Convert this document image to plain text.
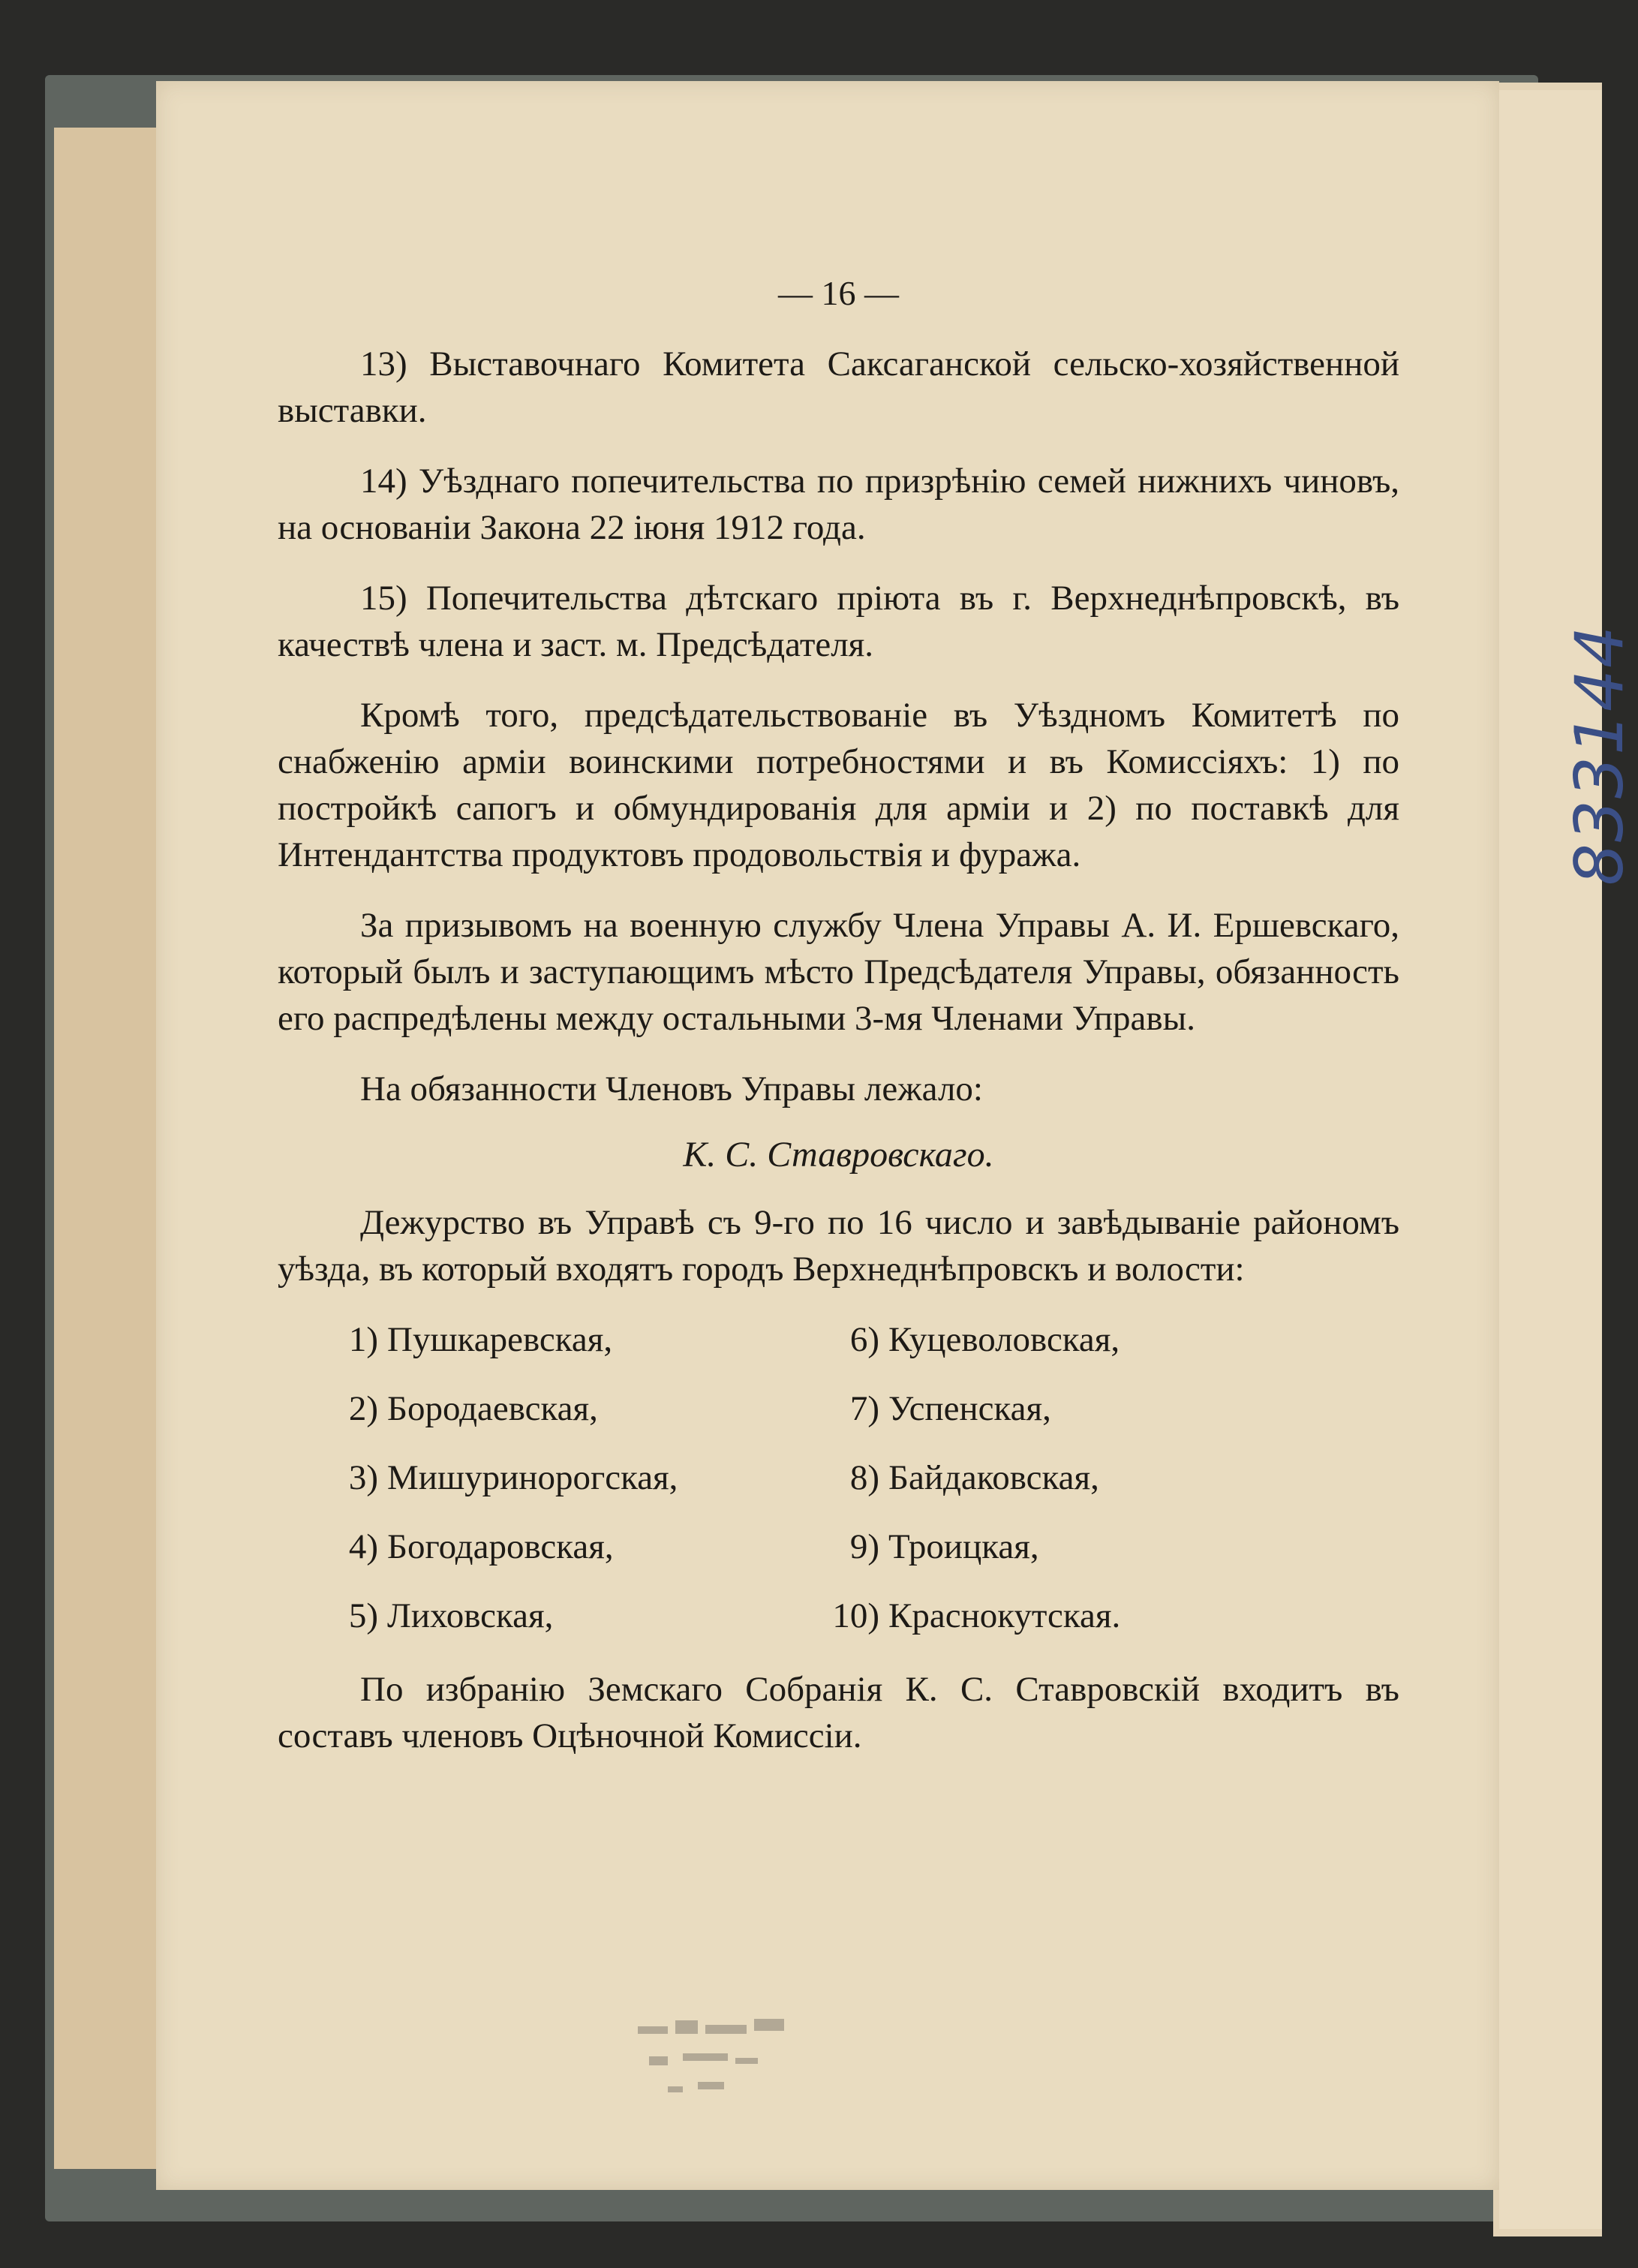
— 16 —

13) Выставочнаго Комитета Саксаганской сельско-хозяйственной выставки.

14) Уѣзднаго попечительства по призрѣнію семей нижнихъ чиновъ, на основаніи Закона 22 іюня 1912 года.

15) Попечительства дѣтскаго пріюта въ г. Верхнеднѣпровскѣ, въ качествѣ члена и заст. м. Предсѣдателя.

Кромѣ того, предсѣдательствованіе въ Уѣздномъ Комитетѣ по снабженію арміи воинскими потребностями и въ Комиссіяхъ: 1) по постройкѣ сапогъ и обмундированія для арміи и 2) по поставкѣ для Интендантства продуктовъ продовольствія и фуража.

За призывомъ на военную службу Члена Управы А. И. Ершевскаго, который былъ и заступающимъ мѣсто Предсѣдателя Управы, обязанность его распредѣлены между остальными 3-мя Членами Управы.

На обязанности Членовъ Управы лежало:

К. С. Ставровскаго.

Дежурство въ Управѣ съ 9-го по 16 число и завѣдываніе райономъ уѣзда, въ который входятъ городъ Верхнеднѣпровскъ и волости:

1) Пушкаревская,	6) Куцеволовская,
2) Бородаевская,	7) Успенская,
3) Мишуринорогская,	8) Байдаковская,
4) Богодаровская,	9) Троицкая,
5) Лиховская,	10) Краснокутская.

По избранію Земскаго Собранія К. С. Ставровскій входитъ въ составъ членовъ Оцѣночной Комиссіи.

833144
